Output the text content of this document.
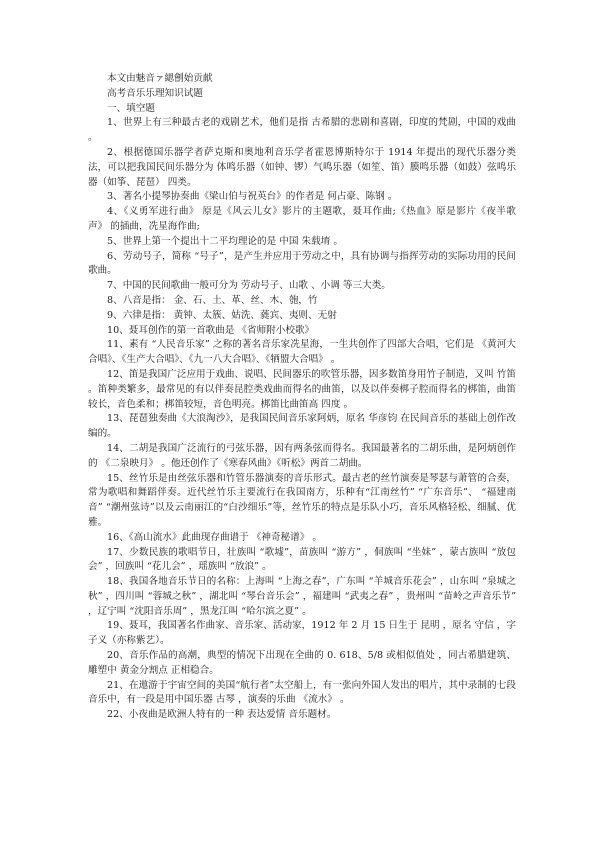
本文由魅音ァ緦劊始贡献

高考音乐乐理知识试题

一、填空题

1、世界上有三种最古老的戏剧艺术，他们是指 古希腊的悲剧和喜剧，印度的梵剧，中国的戏曲 。

2、根据德国乐器学者萨克斯和奥地利音乐学者霍恩博斯特尔于 1914 年提出的现代乐器分类法，可以把我国民间乐器分为 体鸣乐器（如钟、锣）气鸣乐器（如笙、笛）膜鸣乐器（如鼓）弦鸣乐器（如筝、琵琶） 四类。

3、著名小提琴协奏曲《梁山伯与祝英台》的作者是 何占豪、陈钢 。

4、《义勇军进行曲》 原是《风云儿女》影片的主题歌，聂耳作曲;《热血》原是影片《夜半歌声》 的插曲，冼星海作曲;

5、世界上第一个提出十二平均理论的是 中国 朱载堉 。

6、劳动号子，简称 “号子”，是产生并应用于劳动之中，具有协调与指挥劳动的实际功用的民间歌曲。

7、中国的民间歌曲一般可分为 劳动号子、山歌 、小调 等三大类。

8、八音是指： 金、石、土、革、丝、木、匏，竹

9、六律是指： 黄钟、太簇、姑洗、蕤宾、夷则、无射

10、聂耳创作的第一首歌曲是 《省师附小校歌》

11、素有 “人民音乐家” 之称的著名音乐家冼星海，一生共创作了四部大合唱，它们是 《黄河大合唱》、《生产大合唱》、《九一八大合唱》、《牺盟大合唱》 。

12、笛是我国广泛应用于戏曲、说唱、民间器乐的吹管乐器，因多数笛身用竹子制造，又叫 竹笛 。笛种类繁多，最常见的有以伴奏昆腔类戏曲而得名的曲笛，以及以伴奏梆子腔而得名的梆笛，曲笛较长，音色柔和；梆笛较短，音色明亮。梆笛比曲笛高 四度 。

13、琵琶独奏曲《大浪淘沙》，是我国民间音乐家阿炳，原名 华彦钧 在民间音乐的基础上创作改编的。

14、二胡是我国广泛流行的弓弦乐器，因有两条弦而得名。我国最著名的二胡乐曲，是阿炳创作的 《二泉映月》 。他还创作了《寒春风曲》《听松》两首二胡曲。

15、丝竹乐是由丝弦乐器和竹管乐器演奏的音乐形式。最古老的丝竹演奏是琴瑟与萧管的合奏，常为歌唱和舞蹈伴奏。近代丝竹乐主要流行在我国南方，乐种有“江南丝竹” “广东音乐”、 “福建南音” “潮州弦诗”以及云南丽江的“白沙细乐”等，丝竹乐的特点是乐队小巧，音乐风格轻松、细腻、优雅。

16、《高山流水》此曲现存曲谱于 《神奇秘谱》 。

17、少数民族的歌唱节日，壮族叫 “歌墟”，苗族叫 “游方” ，侗族叫 “坐妹” ，蒙古族叫 “放包会” ，回族叫 “花儿会” ，瑶族叫 “放浪” 。

18、我国各地音乐节日的名称：上海叫 “上海之春”，广东叫 “羊城音乐花会” ，山东叫 “泉城之秋” ，四川叫 “蓉城之秋” ，湖北叫 “琴台音乐会” ，福建叫 “武夷之春” ，贵州叫 “苗岭之声音乐节” ，辽宁叫 “沈阳音乐周” ，黑龙江叫 “哈尔滨之夏” 。

19、聂耳，我国著名作曲家、音乐家、活动家，1912 年 2 月 15 日生于 昆明 ，原名 守信 ，字子义（亦称紫艺）。

20、音乐作品的高潮，典型的情况下出现在全曲的 0. 618、5/8 或相似值处 ，同古希腊建筑、雕塑中 黄金分割点 正相稳合。

21、在遨游于宇宙空间的美国“航行者”太空船上，有一张向外国人发出的唱片，其中录制的七段音乐中，有一段是用中国乐器 古琴 ，演奏的乐曲 《流水》 。

22、小夜曲是欧洲人特有的一种 表达爱情 音乐题材。
